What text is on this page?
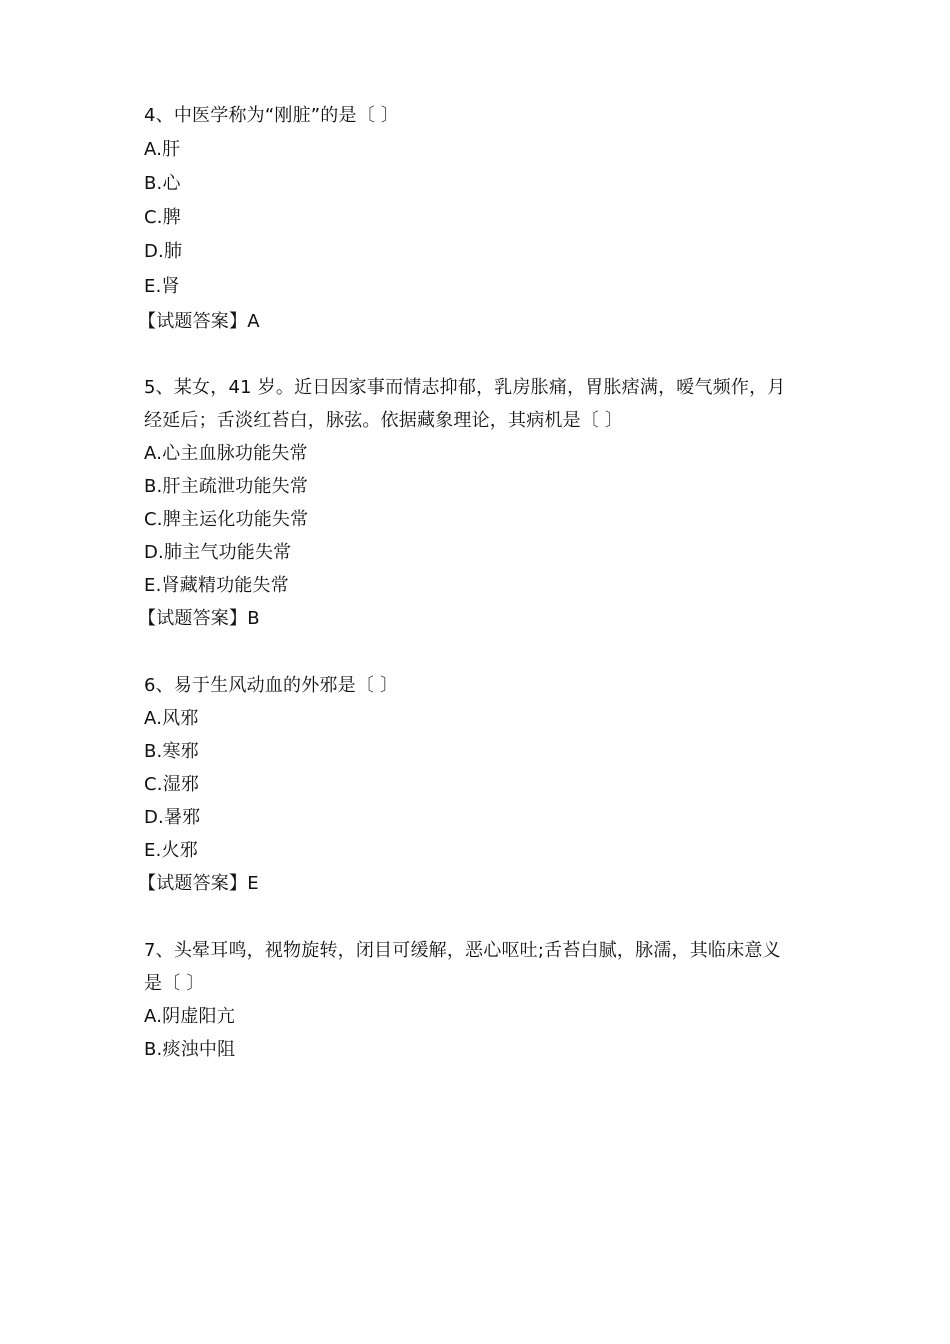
4、中医学称为“刚脏”的是〔 〕
A.肝
B.心
C.脾
D.肺
E.肾
【试题答案】A
5、某女，41 岁。近日因家事而情志抑郁，乳房胀痛，胃胀痞满，嗳气频作，月
经延后；舌淡红苔白，脉弦。依据藏象理论，其病机是〔 〕
A.心主血脉功能失常
B.肝主疏泄功能失常
C.脾主运化功能失常
D.肺主气功能失常
E.肾藏精功能失常
【试题答案】B
6、易于生风动血的外邪是〔 〕
A.风邪
B.寒邪
C.湿邪
D.暑邪
E.火邪
【试题答案】E
7、头晕耳鸣，视物旋转，闭目可缓解，恶心呕吐;舌苔白腻，脉濡，其临床意义
是〔 〕
A.阴虚阳亢
B.痰浊中阻
